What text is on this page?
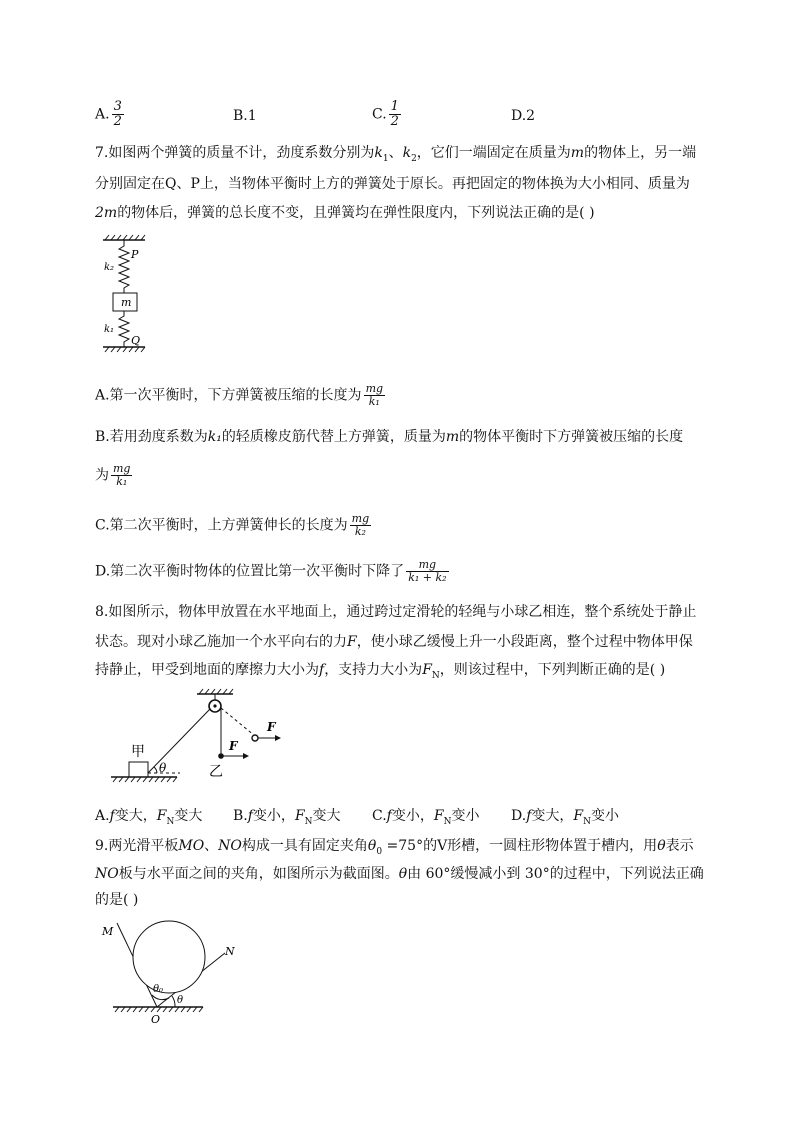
A. $\frac{3}{2}$	B.1	C. $\frac{1}{2}$	D.2
7.如图两个弹簧的质量不计，劲度系数分别为$k_1$、$k_2$，它们一端固定在质量为m的物体上，另一端
分别固定在Q、P上，当物体平衡时上方的弹簧处于原长。再把固定的物体换为大小相同、质量为
2m的物体后，弹簧的总长度不变，且弹簧均在弹性限度内，下列说法正确的是( )
P
k₂
m
k₁
Q
A.第一次平衡时，下方弹簧被压缩的长度为 $\frac{mg}{\text{k₁}}$
B.若用劲度系数为k₁的轻质橡皮筋代替上方弹簧，质量为m的物体平衡时下方弹簧被压缩的长度
为 $\frac{mg}{\text{k₁}}$
C.第二次平衡时，上方弹簧伸长的长度为 $\frac{mg}{\text{k₂}}$
D.第二次平衡时物体的位置比第一次平衡时下降了 $\frac{mg}{\text{k₁ + k₂}}$
8.如图所示，物体甲放置在水平地面上，通过跨过定滑轮的轻绳与小球乙相连，整个系统处于静止
状态。现对小球乙施加一个水平向右的力F，使小球乙缓慢上升一小段距离，整个过程中物体甲保
持静止，甲受到地面的摩擦力大小为f，支持力大小为$F_N$，则该过程中，下列判断正确的是( )
甲
乙
F
F
θ
A.f变大，$F_N$变大 B.f变小，$F_N$变大 C.f变小，$F_N$变小 D.f变大，$F_N$变小
9.两光滑平板MO、NO构成一具有固定夹角$\theta_0 =75^\circ$的V形槽，一圆柱形物体置于槽内，用θ表示
NO板与水平面之间的夹角，如图所示为截面图。θ由 60°缓慢减小到 30°的过程中，下列说法正确
的是( )
M
N
O
θ₀
θ
